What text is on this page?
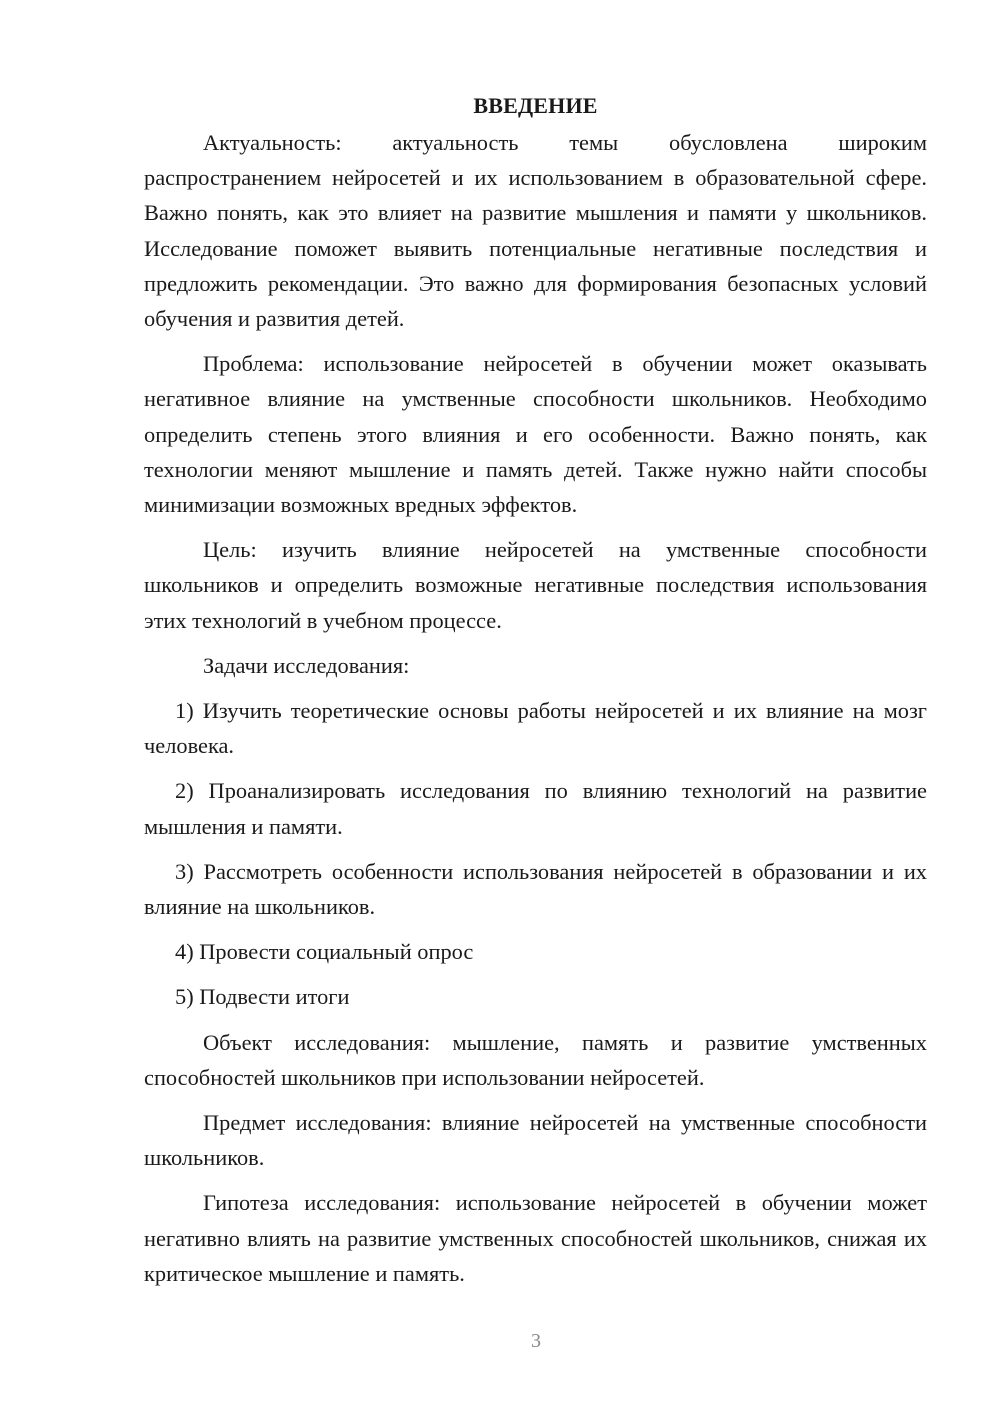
ВВЕДЕНИЕ

Актуальность: актуальность темы обусловлена широким распространением нейросетей и их использованием в образовательной сфере. Важно понять, как это влияет на развитие мышления и памяти у школьников. Исследование поможет выявить потенциальные негативные последствия и предложить рекомендации. Это важно для формирования безопасных условий обучения и развития детей.

Проблема: использование нейросетей в обучении может оказывать негативное влияние на умственные способности школьников. Необходимо определить степень этого влияния и его особенности. Важно понять, как технологии меняют мышление и память детей. Также нужно найти способы минимизации возможных вредных эффектов.

Цель: изучить влияние нейросетей на умственные способности школьников и определить возможные негативные последствия использования этих технологий в учебном процессе.

Задачи исследования:

1) Изучить теоретические основы работы нейросетей и их влияние на мозг человека.

2) Проанализировать исследования по влиянию технологий на развитие мышления и памяти.

3) Рассмотреть особенности использования нейросетей в образовании и их влияние на школьников.

4) Провести социальный опрос

5) Подвести итоги

Объект исследования: мышление, память и развитие умственных способностей школьников при использовании нейросетей.

Предмет исследования: влияние нейросетей на умственные способности школьников.

Гипотеза исследования: использование нейросетей в обучении может негативно влиять на развитие умственных способностей школьников, снижая их критическое мышление и память.

3
